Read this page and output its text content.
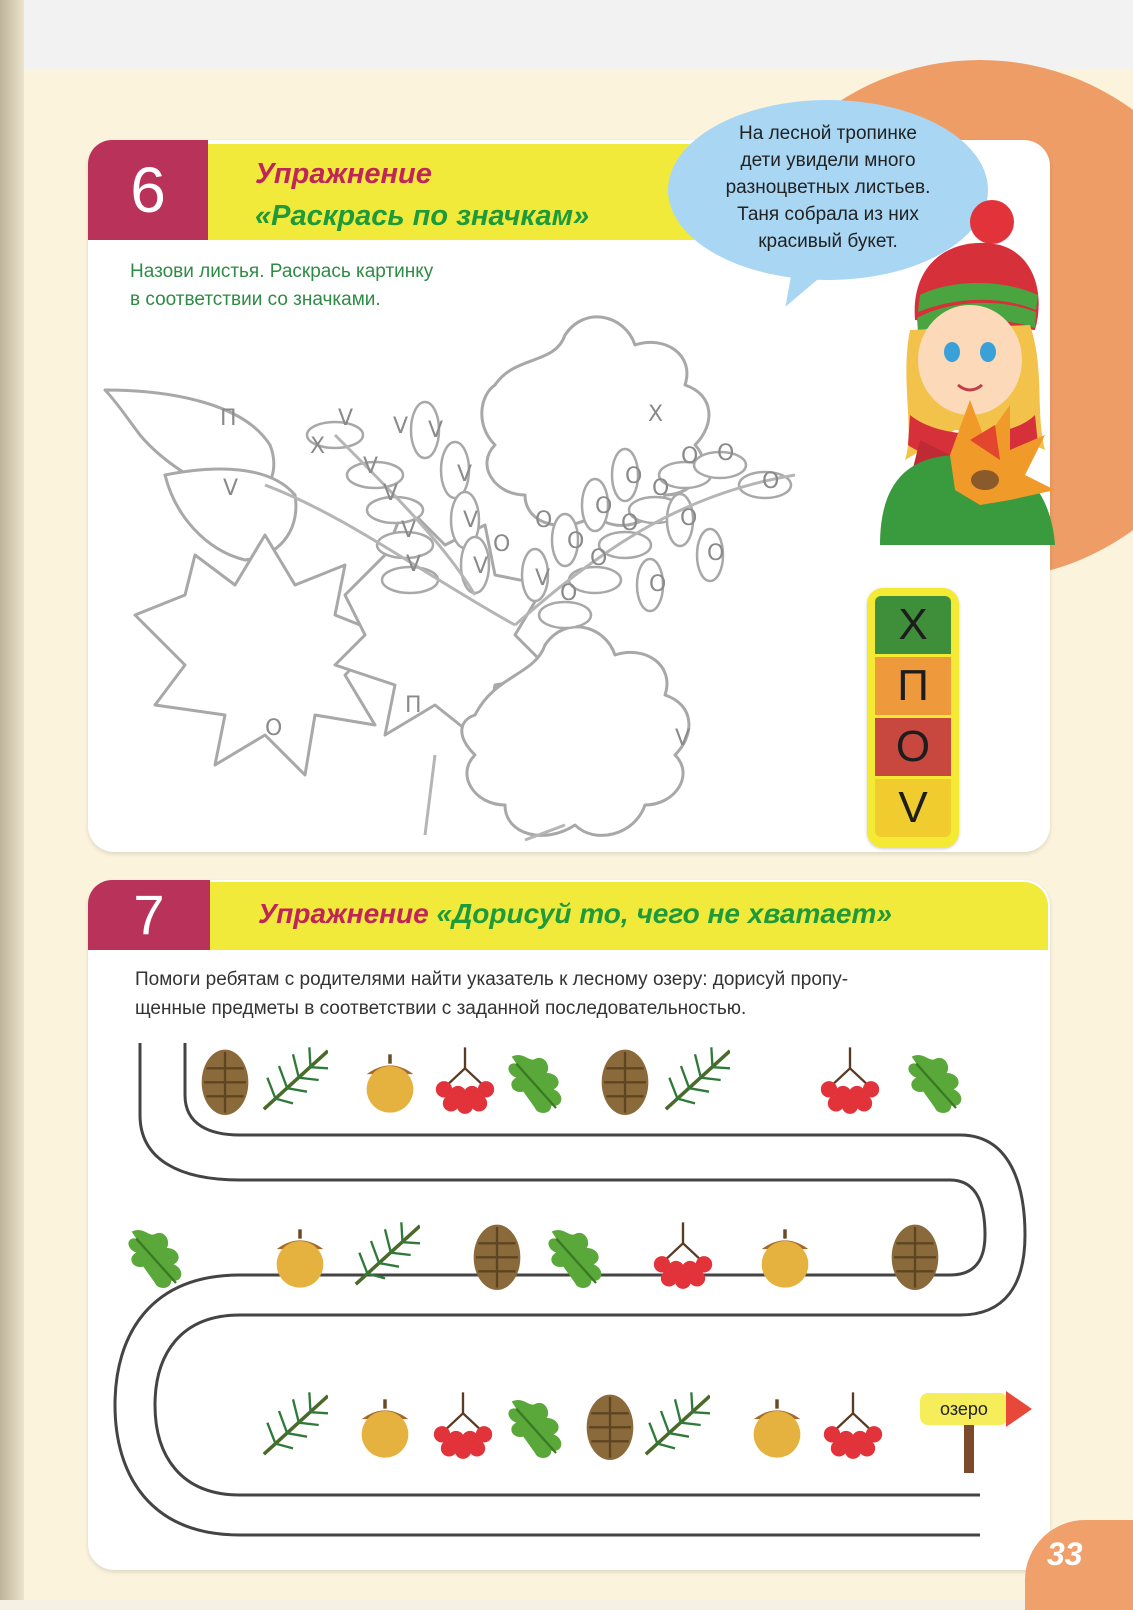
6	Упражнение
«Раскрась по значкам»
Назови листья. Раскрась картинку
в соответствии со значками.
П
V
V V
Х
V
V
V
V
V
V
V
V V
Х
О
О
О
О
О О
О
О
О
О
О
О
О
О
О
П
О	V
На лесной тропинке
дети увидели много
разноцветных листьев.
Таня собрала из них
красивый букет.
Х
П
О
V
7	Упражнение «Дорисуй то, чего не хватает»
Помоги ребятам с родителями найти указатель к лесному озеру: дорисуй пропу-
щенные предметы в соответствии с заданной последовательностью.
озеро
33
